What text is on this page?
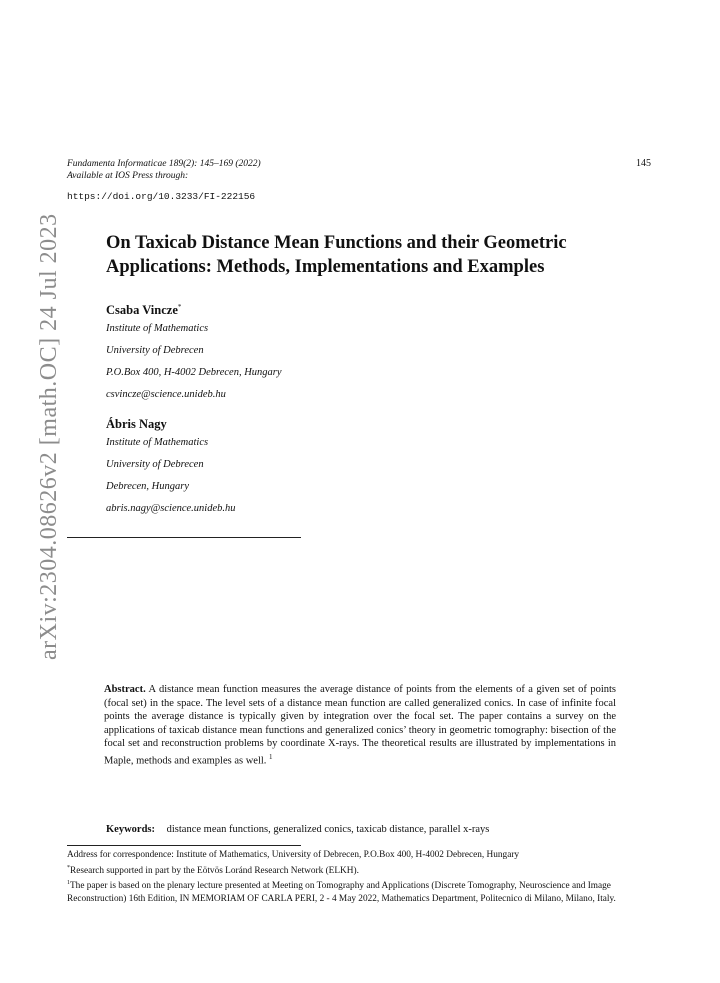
Fundamenta Informaticae 189(2): 145–169 (2022)
Available at IOS Press through:
https://doi.org/10.3233/FI-222156
145
arXiv:2304.08626v2 [math.OC] 24 Jul 2023 On Taxicab Distance Mean Functions and their Geometric
Applications: Methods, Implementations and Examples
Csaba Vincze*
Institute of Mathematics
University of Debrecen
P.O.Box 400, H-4002 Debrecen, Hungary
csvincze@science.unideb.hu
Ábris Nagy
Institute of Mathematics
University of Debrecen
Debrecen, Hungary
abris.nagy@science.unideb.hu
Abstract. A distance mean function measures the average distance of points from the elements of a given set of points (focal set) in the space. The level sets of a distance mean function are called generalized conics. In case of infinite focal points the average distance is typically given by integration over the focal set. The paper contains a survey on the applications of taxicab distance mean functions and generalized conics’ theory in geometric tomography: bisection of the focal set and reconstruction problems by coordinate X-rays. The theoretical results are illustrated by implementations in Maple, methods and examples as well. $^1$
Keywords: distance mean functions, generalized conics, taxicab distance, parallel x-rays
Address for correspondence: Institute of Mathematics, University of Debrecen, P.O.Box 400, H-4002 Debrecen, Hungary
*Research supported in part by the Eötvös Loránd Research Network (ELKH).
$^1$The paper is based on the plenary lecture presented at Meeting on Tomography and Applications (Discrete Tomography, Neuroscience and Image Reconstruction) 16th Edition, IN MEMORIAM OF CARLA PERI, 2 - 4 May 2022, Mathematics Department, Politecnico di Milano, Milano, Italy.
